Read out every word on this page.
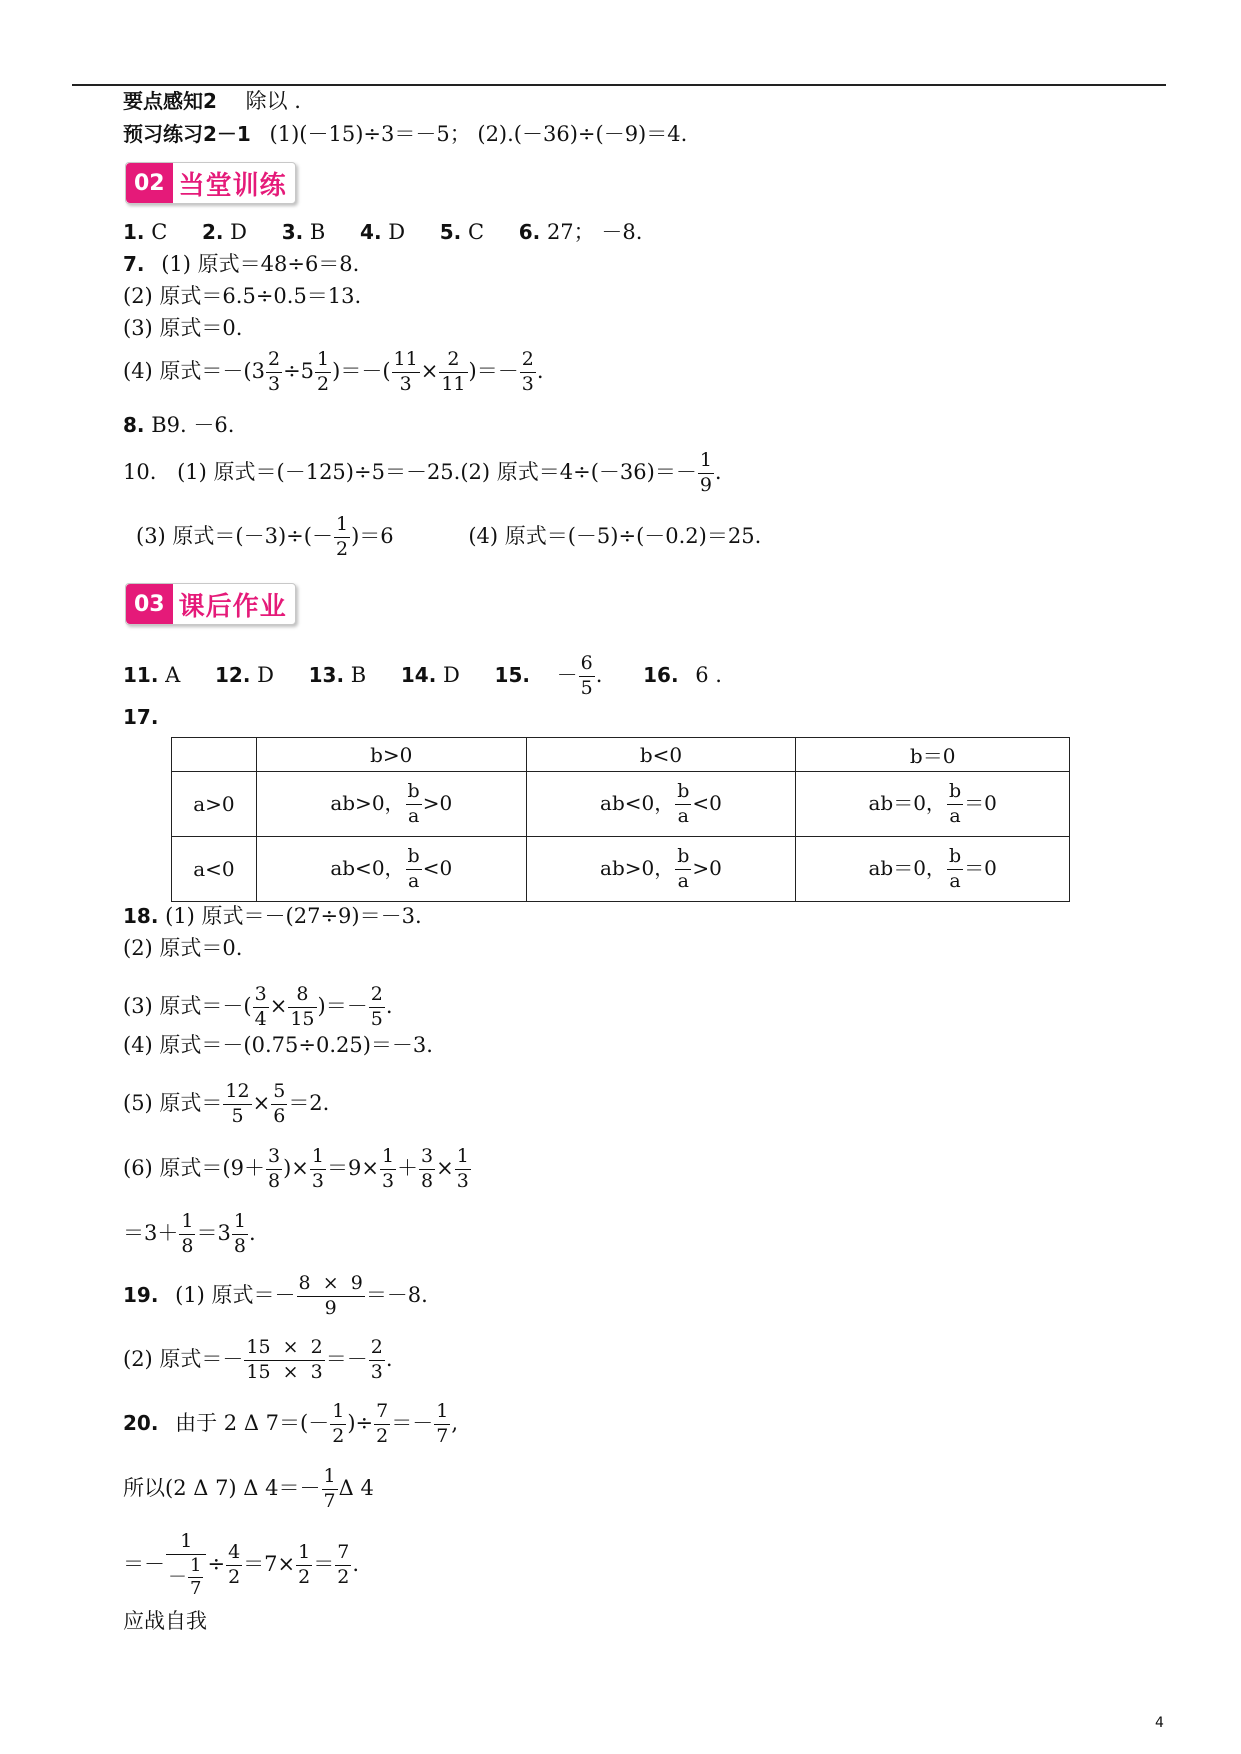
要点感知2 除以 .
预习练习2－1 (1)(－15)÷3＝－5； (2).(－36)÷(－9)＝4.
02 当堂训练
1. C 2. D 3. B 4. D 5. C 6. 27； －8.
7. (1) 原式＝48÷6＝8.
(2) 原式＝6.5÷0.5＝13.
(3) 原式＝0.
(4) 原式$=-(3 \frac{2}{3} \div 5 \frac{1}{2}$ )＝－( $\frac{11}{3} \times \frac{2}{11}$ )＝－ $\frac{2}{3}$ .
8. B9. －6.
10. (1) 原式＝(－125)÷5＝－25.(2) 原式$=4\div(-36)=- \frac{1}{9}$ .
(3) 原式$=(-3)\div(- \frac{1}{2} )=6$	(4) 原式＝(－5)÷(－0.2)＝25.
03 课后作业
11. A 12. D 13. B 14. D 15. － $\frac{6}{5}$ . 16. 6 .
17.
	b>0	b<0	b＝0
a>0	ab>0， $\frac{b}{a} >0$	ab<0， $\frac{b}{a} <0$	ab＝0， $\frac{b}{a} =0$
a<0	ab<0， $\frac{b}{a} <0$	ab>0， $\frac{b}{a} >0$	ab＝0， $\frac{b}{a} =0$
18. (1) 原式＝－(27÷9)＝－3.
(2) 原式＝0.
(3) 原式＝－( $\frac{3}{4} \times \frac{8}{15}$ )＝－ $\frac{2}{5}$ .
(4) 原式＝－(0.75÷0.25)＝－3.
(5) 原式＝ $\frac{12}{5} \times \frac{5}{6} =2$.
(6) 原式$=(9+ \frac{3}{8}$ )× $\frac{1}{3} =9\times \frac{1}{3} + \frac{3}{8} \times \frac{1}{3}$
$=3+ \frac{1}{8} =3 \frac{1}{8}$ .
19. (1) 原式＝－ $\frac{8 \times 9}{9} =-8$.
(2) 原式＝－ $\frac{15 \times 2}{15 \times 3} =- \frac{2}{3}$ .
20. 由于 2 Δ $7=(- \frac{1}{2}$ )÷ $\frac{7}{2} =- \frac{1}{7}$ ,
所以(2 Δ 7) Δ $4=- \frac{1}{7}$ Δ 4
＝－ $\frac{1}{- \frac{1}{7}} \div \frac{4}{2} =7\times \frac{1}{2} = \frac{7}{2}$ .
应战自我
4
